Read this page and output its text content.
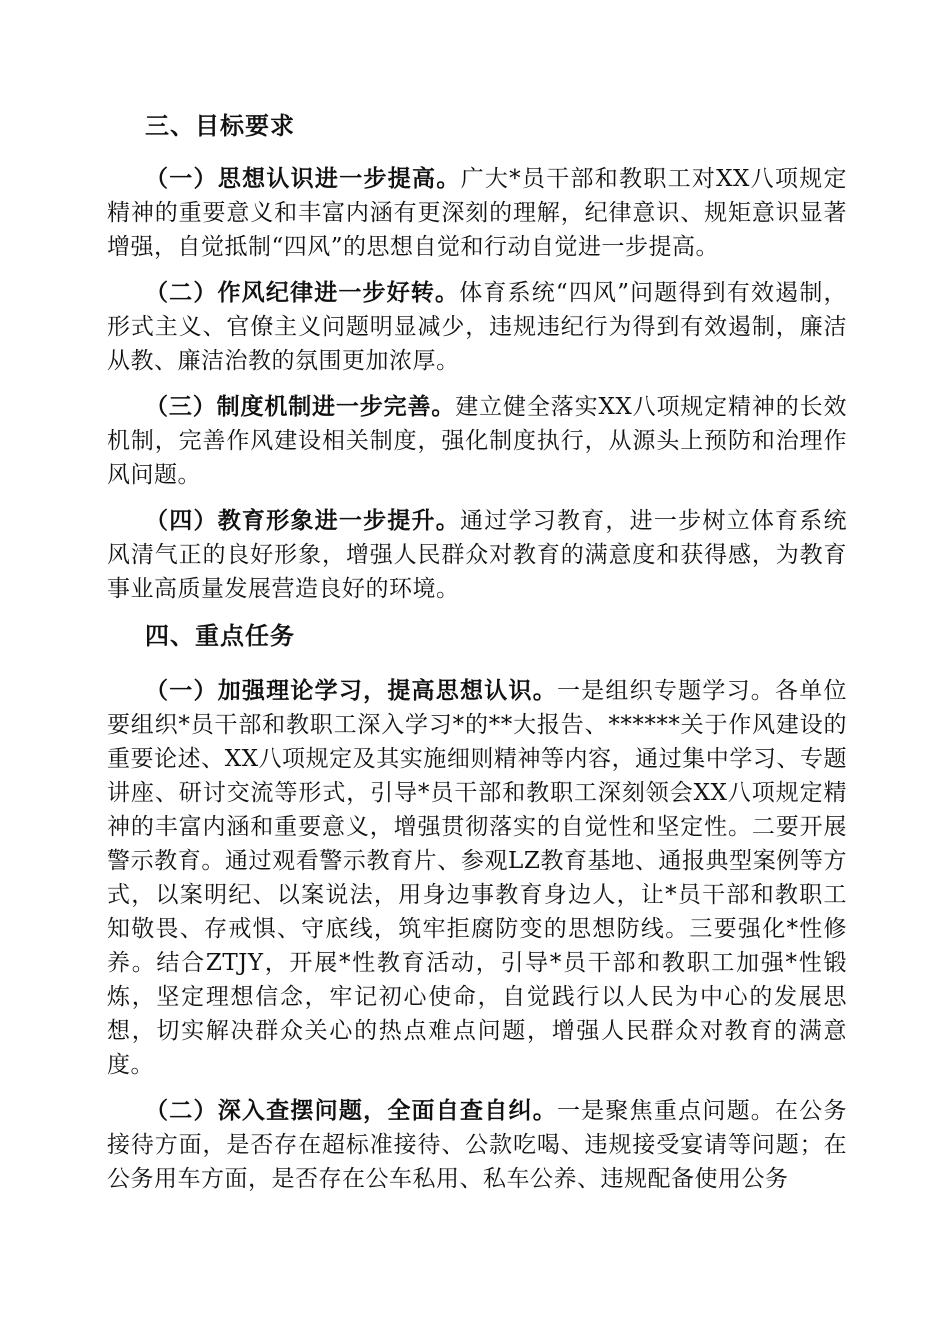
三、目标要求

（一）思想认识进一步提高。广大*员干部和教职工对XX八项规定精神的重要意义和丰富内涵有更深刻的理解，纪律意识、规矩意识显著增强，自觉抵制“四风”的思想自觉和行动自觉进一步提高。

（二）作风纪律进一步好转。体育系统“四风”问题得到有效遏制，形式主义、官僚主义问题明显减少，违规违纪行为得到有效遏制，廉洁从教、廉洁治教的氛围更加浓厚。

（三）制度机制进一步完善。建立健全落实XX八项规定精神的长效机制，完善作风建设相关制度，强化制度执行，从源头上预防和治理作风问题。

（四）教育形象进一步提升。通过学习教育，进一步树立体育系统风清气正的良好形象，增强人民群众对教育的满意度和获得感，为教育事业高质量发展营造良好的环境。

四、重点任务

（一）加强理论学习，提高思想认识。一是组织专题学习。各单位要组织*员干部和教职工深入学习*的**大报告、******关于作风建设的重要论述、XX八项规定及其实施细则精神等内容，通过集中学习、专题讲座、研讨交流等形式，引导*员干部和教职工深刻领会XX八项规定精神的丰富内涵和重要意义，增强贯彻落实的自觉性和坚定性。二要开展警示教育。通过观看警示教育片、参观LZ教育基地、通报典型案例等方式，以案明纪、以案说法，用身边事教育身边人，让*员干部和教职工知敬畏、存戒惧、守底线，筑牢拒腐防变的思想防线。三要强化*性修养。结合ZTJY，开展*性教育活动，引导*员干部和教职工加强*性锻炼，坚定理想信念，牢记初心使命，自觉践行以人民为中心的发展思想，切实解决群众关心的热点难点问题，增强人民群众对教育的满意度。

（二）深入查摆问题，全面自查自纠。一是聚焦重点问题。在公务接待方面，是否存在超标准接待、公款吃喝、违规接受宴请等问题；在公务用车方面，是否存在公车私用、私车公养、违规配备使用公务
